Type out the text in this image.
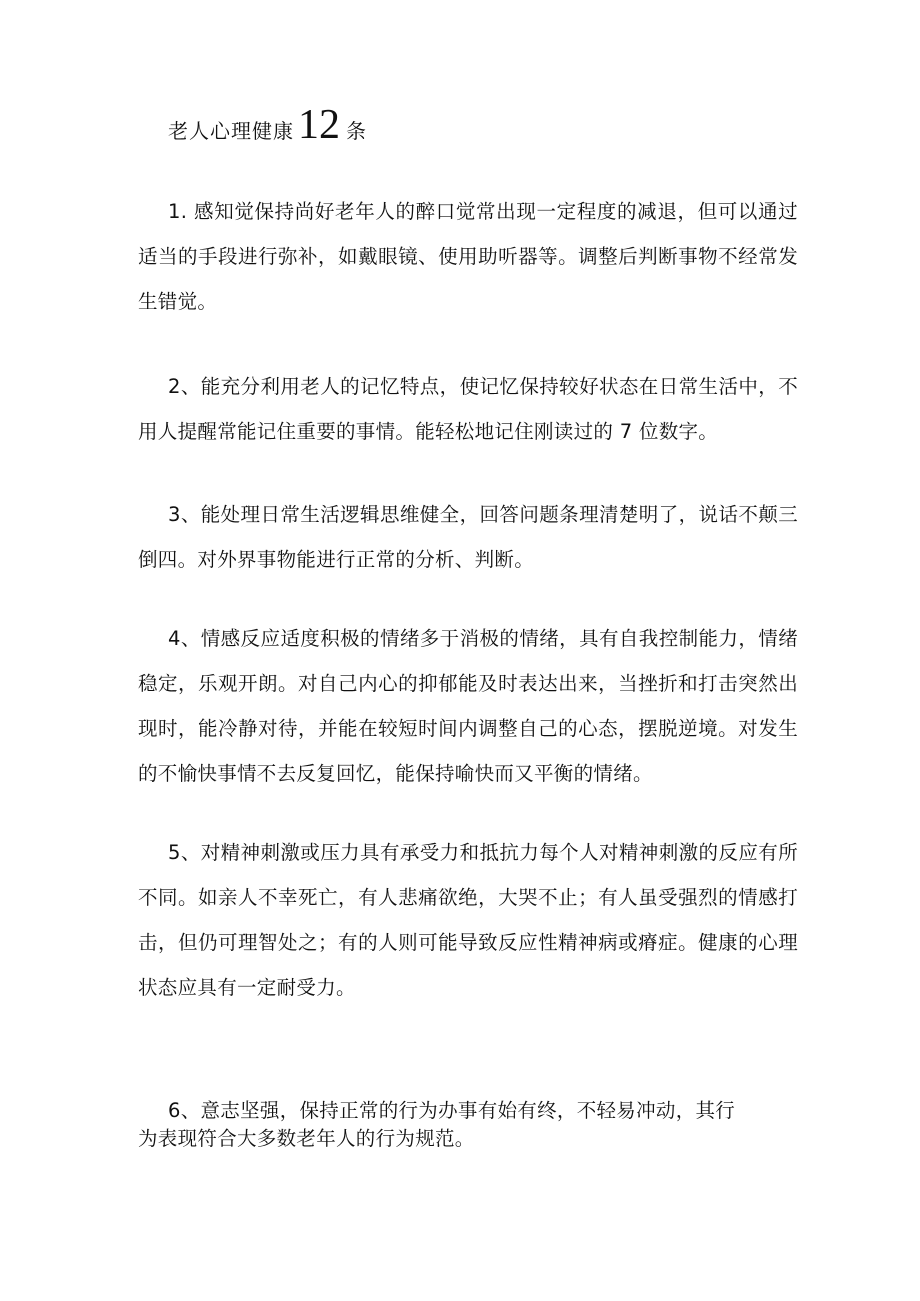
老人心理健康 12 条

1. 感知觉保持尚好老年人的醉口觉常出现一定程度的减退，但可以通过适当的手段进行弥补，如戴眼镜、使用助听器等。调整后判断事物不经常发生错觉。

2、能充分利用老人的记忆特点，使记忆保持较好状态在日常生活中，不用人提醒常能记住重要的事情。能轻松地记住刚读过的 7 位数字。

3、能处理日常生活逻辑思维健全，回答问题条理清楚明了，说话不颠三倒四。对外界事物能进行正常的分析、判断。

4、情感反应适度积极的情绪多于消极的情绪，具有自我控制能力，情绪稳定，乐观开朗。对自己内心的抑郁能及时表达出来，当挫折和打击突然出现时，能冷静对待，并能在较短时间内调整自己的心态，摆脱逆境。对发生的不愉快事情不去反复回忆，能保持喻快而又平衡的情绪。

5、对精神刺激或压力具有承受力和抵抗力每个人对精神刺激的反应有所不同。如亲人不幸死亡，有人悲痛欲绝，大哭不止；有人虽受强烈的情感打击，但仍可理智处之；有的人则可能导致反应性精神病或瘠症。健康的心理状态应具有一定耐受力。

6、意志坚强，保持正常的行为办事有始有终，不轻易冲动，其行
为表现符合大多数老年人的行为规范。
